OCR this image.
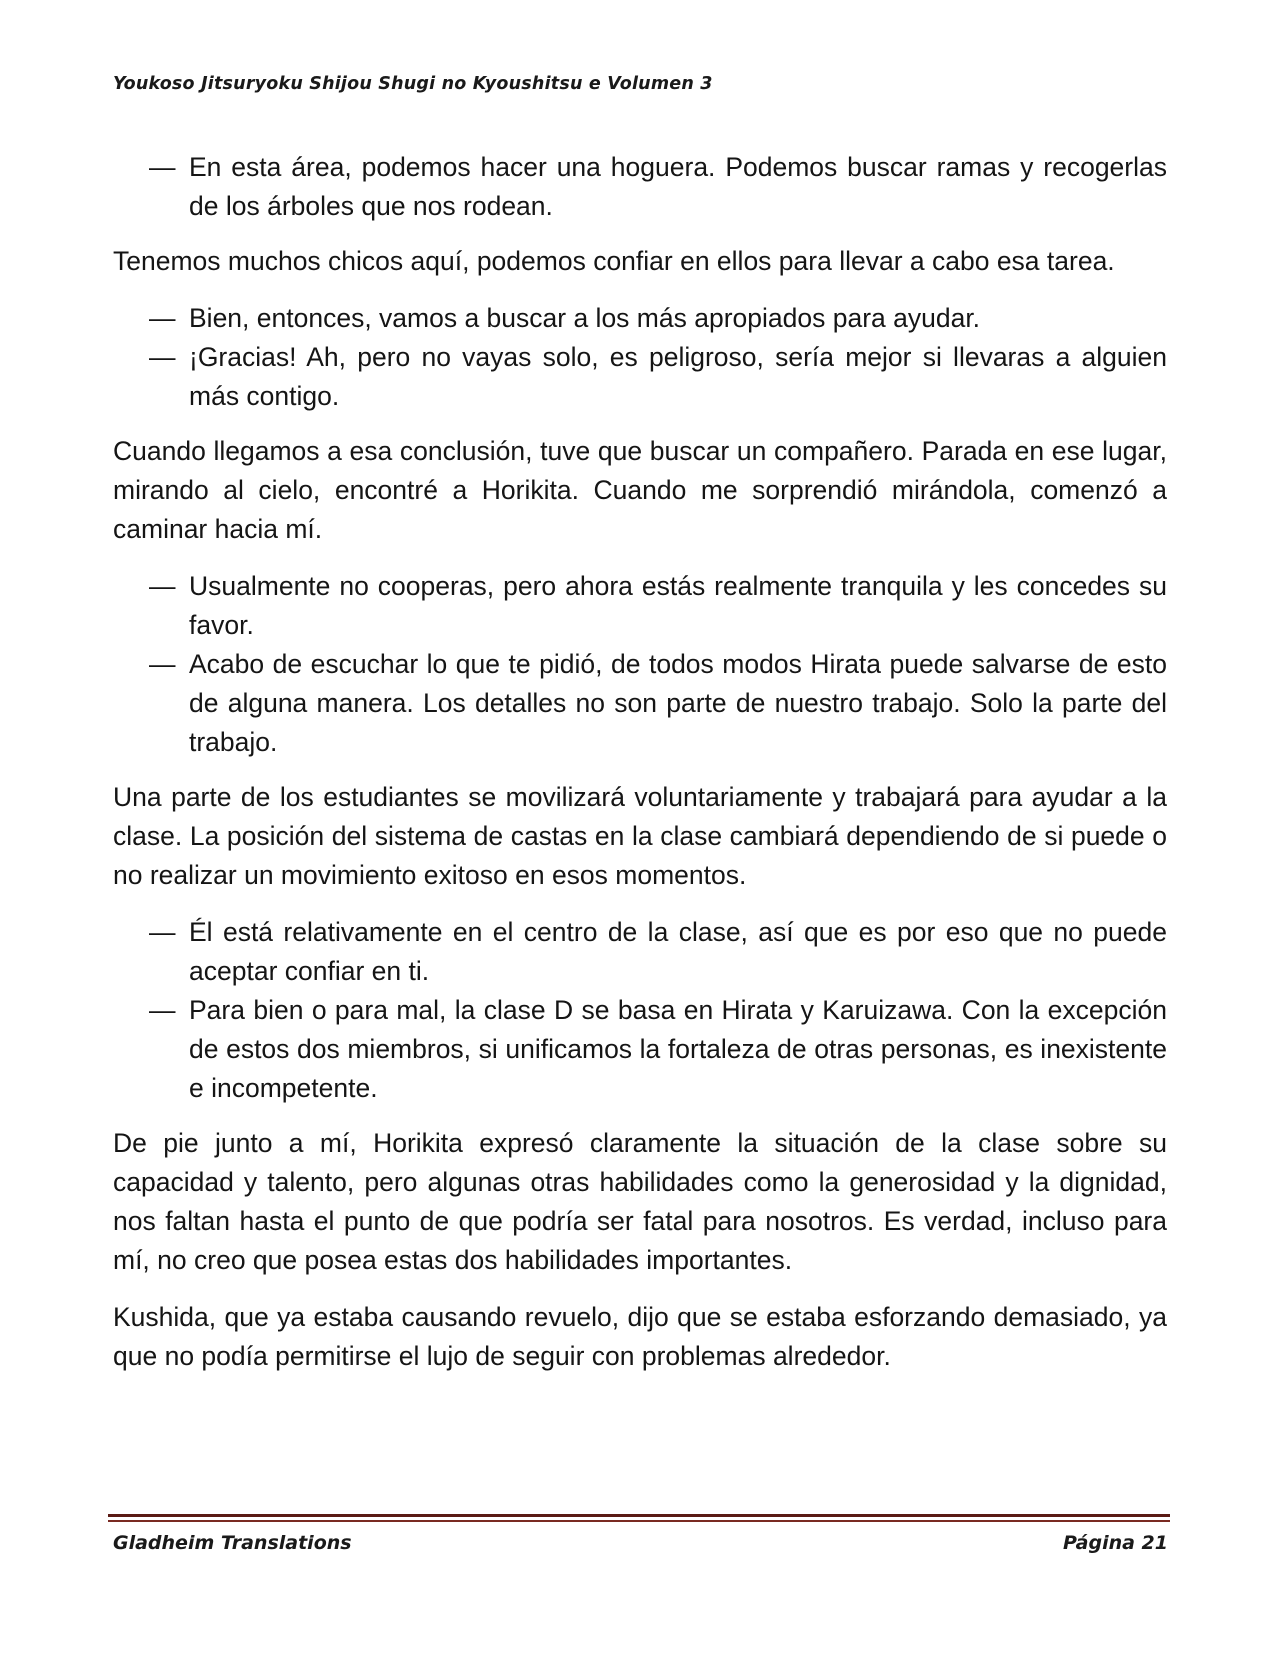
Youkoso Jitsuryoku Shijou Shugi no Kyoushitsu e Volumen 3
— En esta área, podemos hacer una hoguera. Podemos buscar ramas y recogerlas de los árboles que nos rodean.

Tenemos muchos chicos aquí, podemos confiar en ellos para llevar a cabo esa tarea.

— Bien, entonces, vamos a buscar a los más apropiados para ayudar.
— ¡Gracias! Ah, pero no vayas solo, es peligroso, sería mejor si llevaras a alguien más contigo.

Cuando llegamos a esa conclusión, tuve que buscar un compañero. Parada en ese lugar, mirando al cielo, encontré a Horikita. Cuando me sorprendió mirándola, comenzó a caminar hacia mí.

— Usualmente no cooperas, pero ahora estás realmente tranquila y les concedes su favor.
— Acabo de escuchar lo que te pidió, de todos modos Hirata puede salvarse de esto de alguna manera. Los detalles no son parte de nuestro trabajo. Solo la parte del trabajo.

Una parte de los estudiantes se movilizará voluntariamente y trabajará para ayudar a la clase. La posición del sistema de castas en la clase cambiará dependiendo de si puede o no realizar un movimiento exitoso en esos momentos.

— Él está relativamente en el centro de la clase, así que es por eso que no puede aceptar confiar en ti.
— Para bien o para mal, la clase D se basa en Hirata y Karuizawa. Con la excepción de estos dos miembros, si unificamos la fortaleza de otras personas, es inexistente e incompetente.

De pie junto a mí, Horikita expresó claramente la situación de la clase sobre su capacidad y talento, pero algunas otras habilidades como la generosidad y la dignidad, nos faltan hasta el punto de que podría ser fatal para nosotros. Es verdad, incluso para mí, no creo que posea estas dos habilidades importantes.

Kushida, que ya estaba causando revuelo, dijo que se estaba esforzando demasiado, ya que no podía permitirse el lujo de seguir con problemas alrededor.

Gladheim Translations	Página 21
